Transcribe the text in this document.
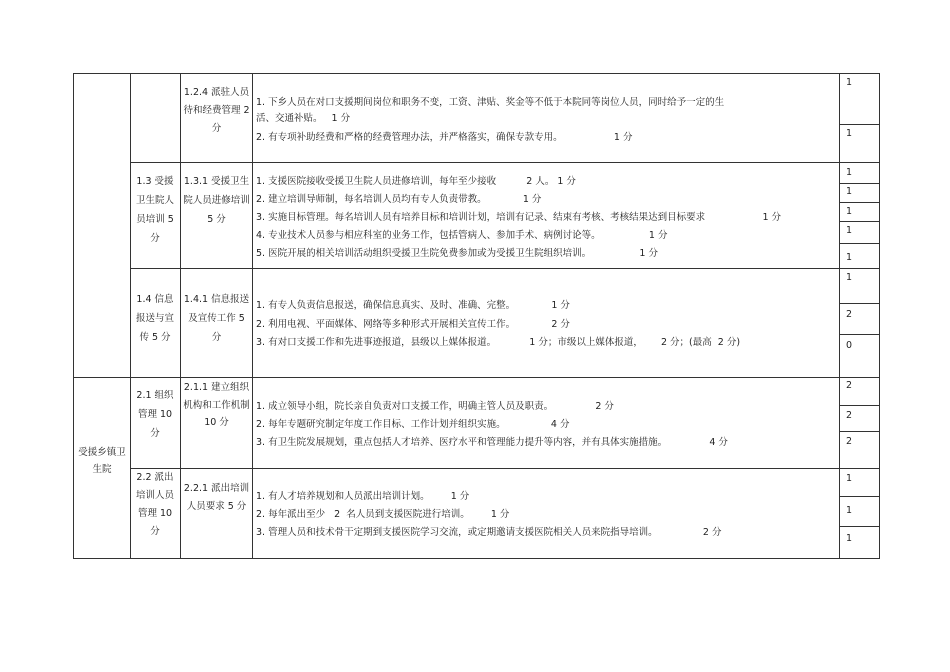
受援乡镇卫生院
1.3 受援卫生院人员培训 5 分
1.4 信息报送与宣传 5 分
2.1 组织管理 10 分
2.2 派出培训人员管理 10 分
1.2.4 派驻人员待和经费管理 2 分
1.3.1 受援卫生院人员进修培训 5 分
1.4.1 信息报送及宣传工作 5 分
2.1.1 建立组织机构和工作机制 10 分
2.2.1 派出培训人员要求 5 分
1. 下乡人员在对口支援期间岗位和职务不变，工资、津贴、奖金等不低于本院同等岗位人员，同时给予一定的生
活、交通补贴。   1 分
2. 有专项补助经费和严格的经费管理办法，并严格落实，确保专款专用。                 1 分
1. 支援医院接收受援卫生院人员进修培训，每年至少接收          2 人。 1 分
2. 建立培训导师制，每名培训人员均有专人负责带教。            1 分
3. 实施目标管理。每名培训人员有培养目标和培训计划，培训有记录、结束有考核、考核结果达到目标要求                   1 分
4. 专业技术人员参与相应科室的业务工作，包括管病人、参加手术、病例讨论等。                1 分
5. 医院开展的相关培训活动组织受援卫生院免费参加或为受援卫生院组织培训。                1 分
1. 有专人负责信息报送，确保信息真实、及时、准确、完整。            1 分
2. 利用电视、平面媒体、网络等多种形式开展相关宣传工作。            2 分
3. 有对口支援工作和先进事迹报道，县级以上媒体报道。           1 分；市级以上媒体报道，      2 分；(最高  2 分)
1. 成立领导小组，院长亲自负责对口支援工作，明确主管人员及职责。              2 分
2. 每年专题研究制定年度工作目标、工作计划并组织实施。               4 分
3. 有卫生院发展规划，重点包括人才培养、医疗水平和管理能力提升等内容，并有具体实施措施。              4 分
1. 有人才培养规划和人员派出培训计划。       1 分
2. 每年派出至少   2  名人员到支援医院进行培训。       1 分
3. 管理人员和技术骨干定期到支援医院学习交流，或定期邀请支援医院相关人员来院指导培训。               2 分
1
1
1
1
1
1
1
1
2
0
2
2
2
1
1
1
